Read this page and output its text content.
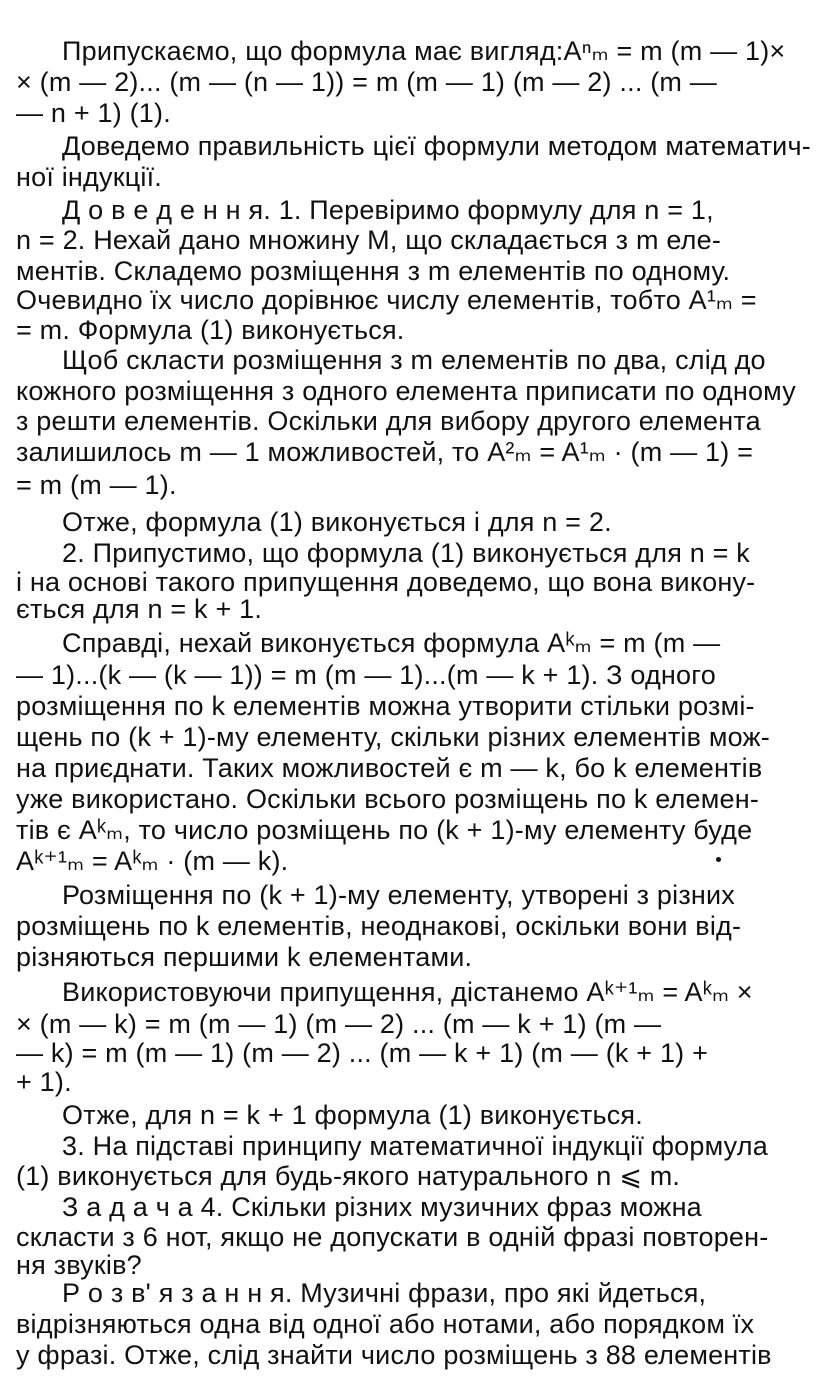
Припускаємо, що формула має вигляд:Aⁿₘ = m (m — 1)×
× (m — 2)... (m — (n — 1)) = m (m — 1) (m — 2) ... (m —
— n + 1) (1).
Доведемо правильність цієї формули методом математич-
ної індукції.
Д о в е д е н н я. 1. Перевіримо формулу для n = 1,
n = 2. Нехай дано множину M, що складається з m еле-
ментів. Складемо розміщення з m елементів по одному.
Очевидно їх число дорівнює числу елементів, тобто A¹ₘ =
= m. Формула (1) виконується.
Щоб скласти розміщення з m елементів по два, слід до
кожного розміщення з одного елемента приписати по одному
з решти елементів. Оскільки для вибору другого елемента
залишилось m — 1 можливостей, то A²ₘ = A¹ₘ · (m — 1) =
= m (m — 1).
Отже, формула (1) виконується і для n = 2.
2. Припустимо, що формула (1) виконується для n = k
і на основі такого припущення доведемо, що вона викону-
ється для n = k + 1.
Справді, нехай виконується формула Aᵏₘ = m (m —
— 1)...(k — (k — 1)) = m (m — 1)...(m — k + 1). З одного
розміщення по k елементів можна утворити стільки розмі-
щень по (k + 1)-му елементу, скільки різних елементів мож-
на приєднати. Таких можливостей є m — k, бо k елементів
уже використано. Оскільки всього розміщень по k елемен-
тів є Aᵏₘ, то число розміщень по (k + 1)-му елементу буде
Aᵏ⁺¹ₘ = Aᵏₘ · (m — k).
Розміщення по (k + 1)-му елементу, утворені з різних
розміщень по k елементів, неоднакові, оскільки вони від-
різняються першими k елементами.
Використовуючи припущення, дістанемо Aᵏ⁺¹ₘ = Aᵏₘ ×
× (m — k) = m (m — 1) (m — 2) ... (m — k + 1) (m —
— k) = m (m — 1) (m — 2) ... (m — k + 1) (m — (k + 1) +
+ 1).
Отже, для n = k + 1 формула (1) виконується.
3. На підставі принципу математичної індукції формула
(1) виконується для будь-якого натурального n ⩽ m.
З а д а ч а 4. Скільки різних музичних фраз можна
скласти з 6 нот, якщо не допускати в одній фразі повторен-
ня звуків?
Р о з в' я з а н н я. Музичні фрази, про які йдеться,
відрізняються одна від одної або нотами, або порядком їх
у фразі. Отже, слід знайти число розміщень з 88 елементів
